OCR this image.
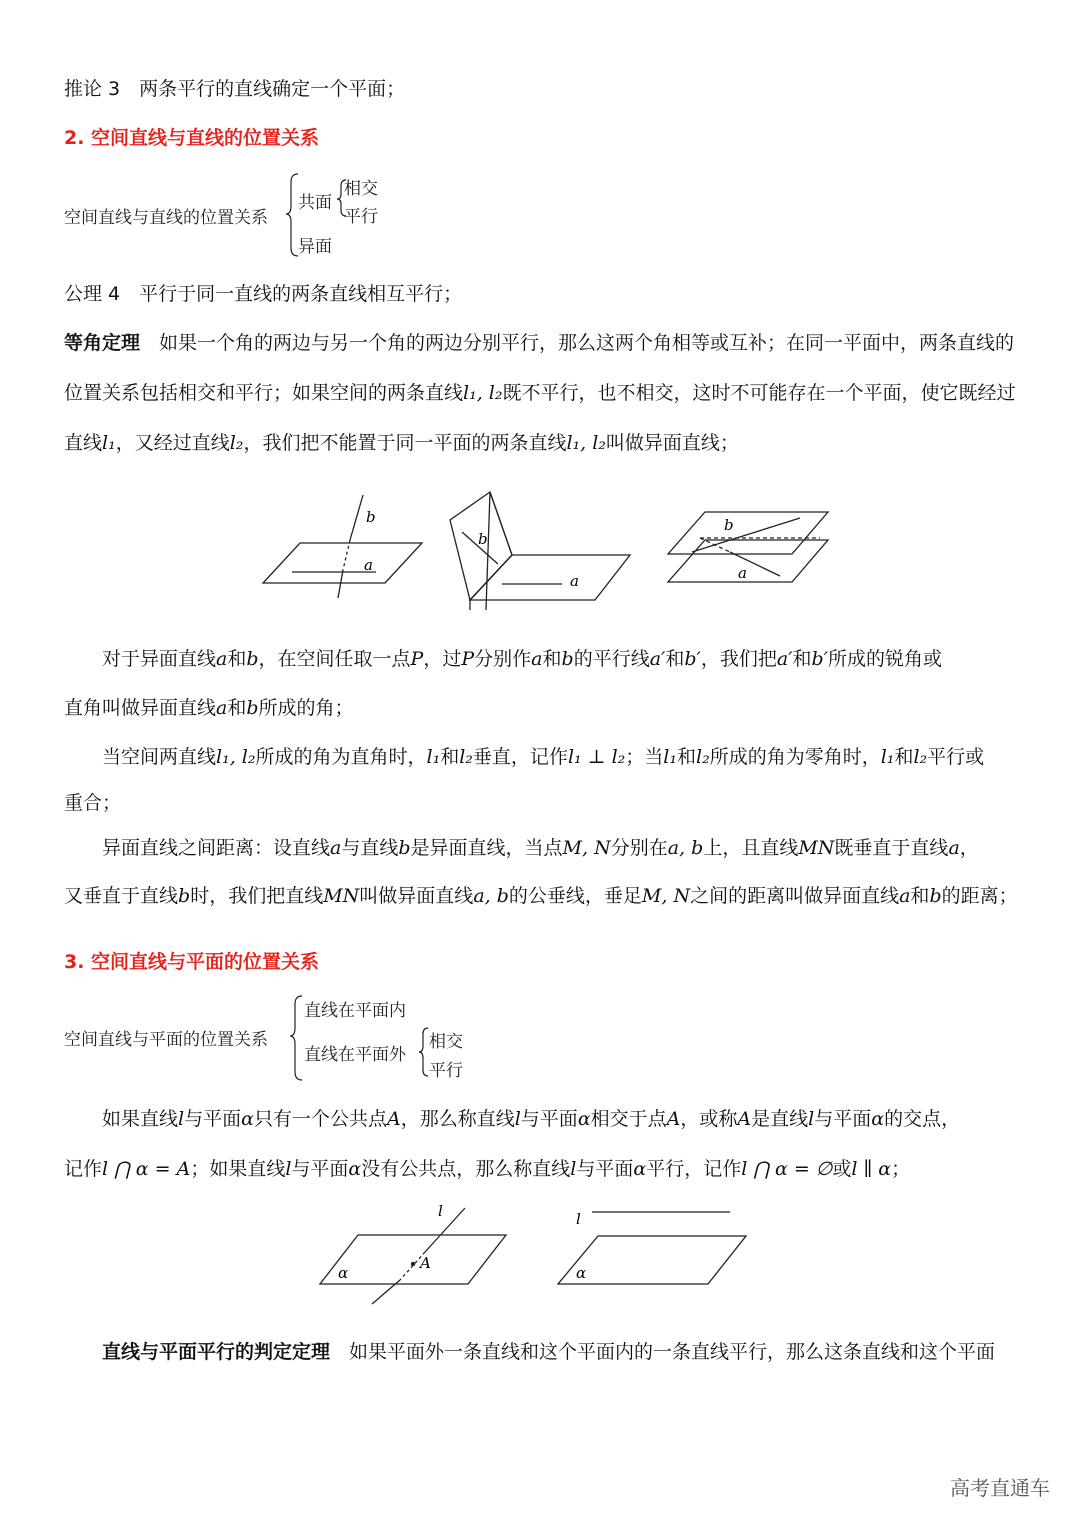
推论 3　两条平行的直线确定一个平面；
2. 空间直线与直线的位置关系
空间直线与直线的位置关系
共面
相交
平行
异面
公理 4　平行于同一直线的两条直线相互平行；
等角定理　如果一个角的两边与另一个角的两边分别平行，那么这两个角相等或互补；在同一平面中，两条直线的
位置关系包括相交和平行；如果空间的两条直线l₁, l₂既不平行，也不相交，这时不可能存在一个平面，使它既经过
直线l₁，又经过直线l₂，我们把不能置于同一平面的两条直线l₁, l₂叫做异面直线；
b
a
b
a
b
a
对于异面直线a和b，在空间任取一点P，过P分别作a和b的平行线a′和b′，我们把a′和b′所成的锐角或
直角叫做异面直线a和b所成的角；
当空间两直线l₁, l₂所成的角为直角时，l₁和l₂垂直，记作l₁ ⊥ l₂；当l₁和l₂所成的角为零角时，l₁和l₂平行或
重合；
异面直线之间距离：设直线a与直线b是异面直线，当点M, N分别在a, b上，且直线MN既垂直于直线a，
又垂直于直线b时，我们把直线MN叫做异面直线a, b的公垂线，垂足M, N之间的距离叫做异面直线a和b的距离；
3. 空间直线与平面的位置关系
空间直线与平面的位置关系
直线在平面内
直线在平面外
相交
平行
如果直线l与平面α只有一个公共点A，那么称直线l与平面α相交于点A，或称A是直线l与平面α的交点，
记作l ⋂ α = A；如果直线l与平面α没有公共点，那么称直线l与平面α平行，记作l ⋂ α = ∅或l ∥ α；
l
A
α
l
α
直线与平面平行的判定定理　如果平面外一条直线和这个平面内的一条直线平行，那么这条直线和这个平面
高考直通车
